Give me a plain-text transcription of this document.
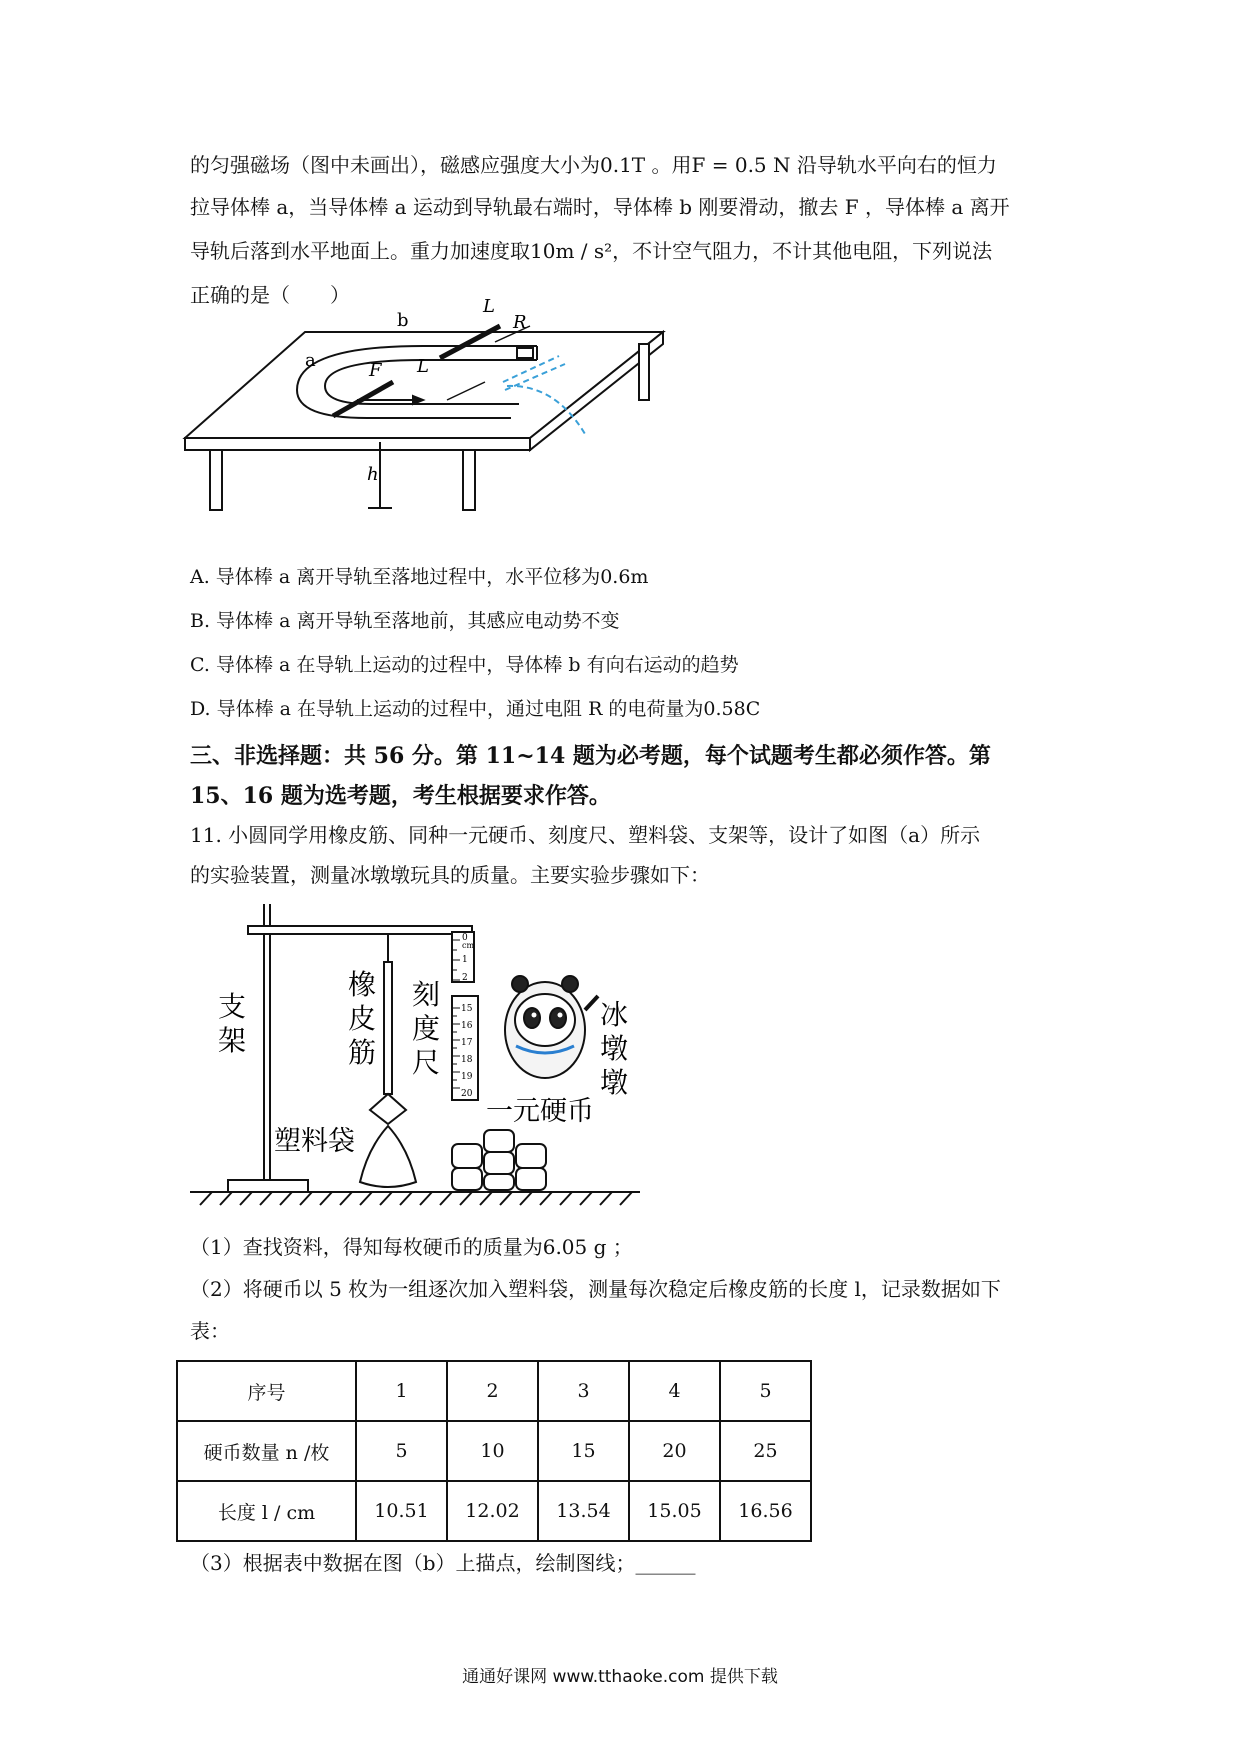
的匀强磁场（图中未画出），磁感应强度大小为0.1T 。用F = 0.5 N 沿导轨水平向右的恒力
拉导体棒 a，当导体棒 a 运动到导轨最右端时，导体棒 b 刚要滑动，撤去 F ，导体棒 a 离开
导轨后落到水平地面上。重力加速度取10m / s²，不计空气阻力，不计其他电阻，下列说法
正确的是（　　）
b
a	F L
L
R
h
A. 导体棒 a 离开导轨至落地过程中，水平位移为0.6m
B. 导体棒 a 离开导轨至落地前，其感应电动势不变
C. 导体棒 a 在导轨上运动的过程中，导体棒 b 有向右运动的趋势
D. 导体棒 a 在导轨上运动的过程中，通过电阻 R 的电荷量为0.58C
三、非选择题：共 56 分。第 11~14 题为必考题，每个试题考生都必须作答。第
15、16 题为选考题，考生根据要求作答。
11. 小圆同学用橡皮筋、同种一元硬币、刻度尺、塑料袋、支架等，设计了如图（a）所示
的实验装置，测量冰墩墩玩具的质量。主要实验步骤如下：
0
cm
1
2
15
16
17
18
19
20
支
架
橡
皮
筋
刻
度
尺
冰
墩
墩
塑料袋
一元硬币
（1）查找资料，得知每枚硬币的质量为6.05 g ；
（2）将硬币以 5 枚为一组逐次加入塑料袋，测量每次稳定后橡皮筋的长度 l，记录数据如下
表：
序号	1	2	3	4	5
硬币数量 n /枚	5	10	15	20	25
长度 l / cm	10.51	12.02	13.54	15.05	16.56
（3）根据表中数据在图（b）上描点，绘制图线；______
通通好课网 www.tthaoke.com 提供下载
